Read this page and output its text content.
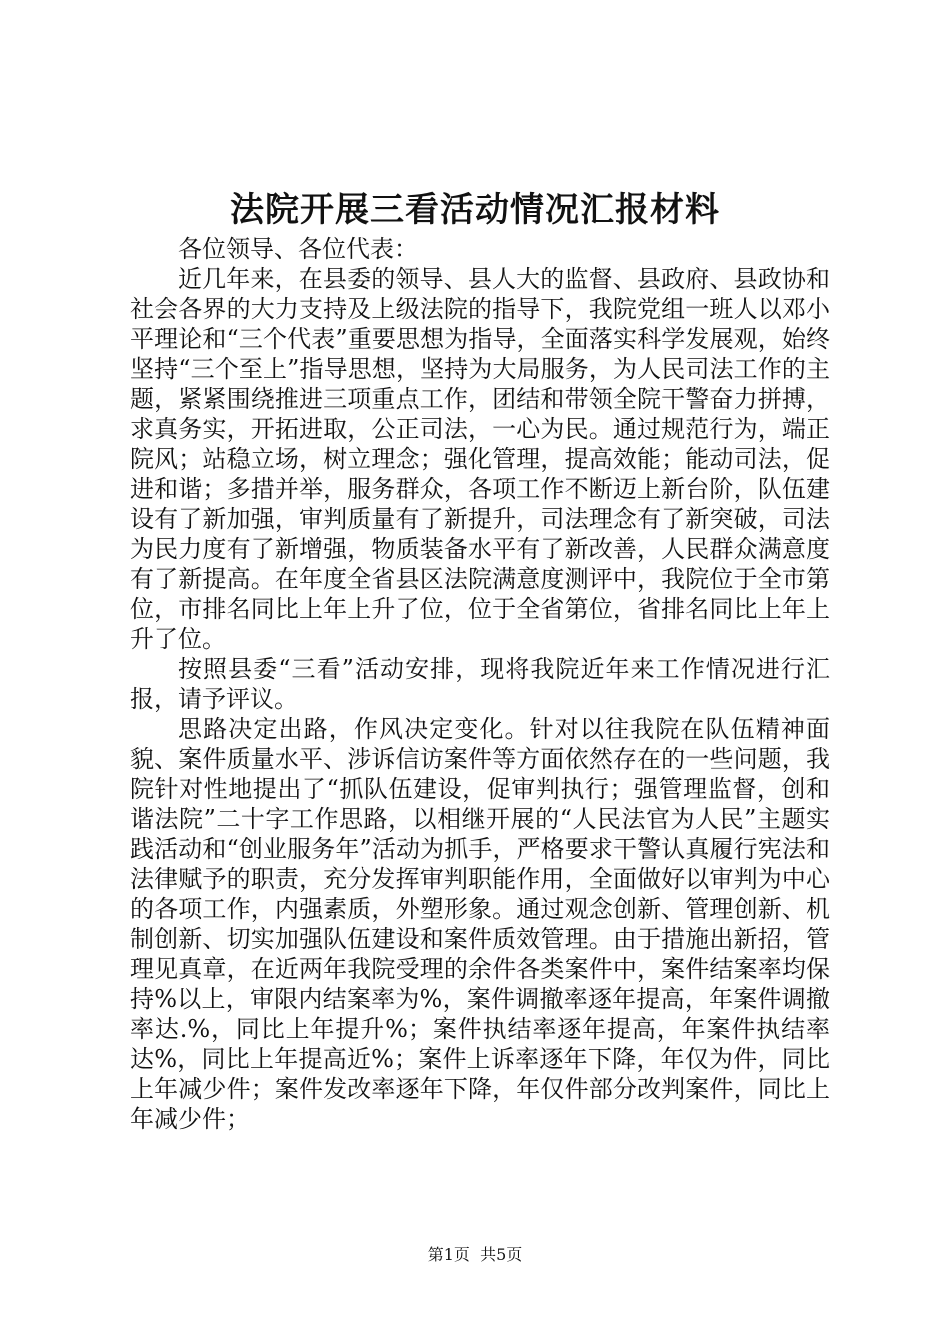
法院开展三看活动情况汇报材料

各位领导、各位代表：

近几年来，在县委的领导、县人大的监督、县政府、县政协和社会各界的大力支持及上级法院的指导下，我院党组一班人以邓小平理论和“三个代表”重要思想为指导，全面落实科学发展观，始终坚持“三个至上”指导思想，坚持为大局服务，为人民司法工作的主题，紧紧围绕推进三项重点工作，团结和带领全院干警奋力拼搏，求真务实，开拓进取，公正司法，一心为民。通过规范行为，端正院风；站稳立场，树立理念；强化管理，提高效能；能动司法，促进和谐；多措并举，服务群众，各项工作不断迈上新台阶，队伍建设有了新加强，审判质量有了新提升，司法理念有了新突破，司法为民力度有了新增强，物质装备水平有了新改善，人民群众满意度有了新提高。在年度全省县区法院满意度测评中，我院位于全市第位，市排名同比上年上升了位，位于全省第位，省排名同比上年上升了位。

按照县委“三看”活动安排，现将我院近年来工作情况进行汇报，请予评议。

思路决定出路，作风决定变化。针对以往我院在队伍精神面貌、案件质量水平、涉诉信访案件等方面依然存在的一些问题，我院针对性地提出了“抓队伍建设，促审判执行；强管理监督，创和谐法院”二十字工作思路，以相继开展的“人民法官为人民”主题实践活动和“创业服务年”活动为抓手，严格要求干警认真履行宪法和法律赋予的职责，充分发挥审判职能作用，全面做好以审判为中心的各项工作，内强素质，外塑形象。通过观念创新、管理创新、机制创新、切实加强队伍建设和案件质效管理。由于措施出新招，管理见真章，在近两年我院受理的余件各类案件中，案件结案率均保持%以上，审限内结案率为%，案件调撤率逐年提高，年案件调撤率达.%，同比上年提升%；案件执结率逐年提高，年案件执结率达%，同比上年提高近%；案件上诉率逐年下降，年仅为件，同比上年减少件；案件发改率逐年下降，年仅件部分改判案件，同比上年减少件；

第1页 共5页
